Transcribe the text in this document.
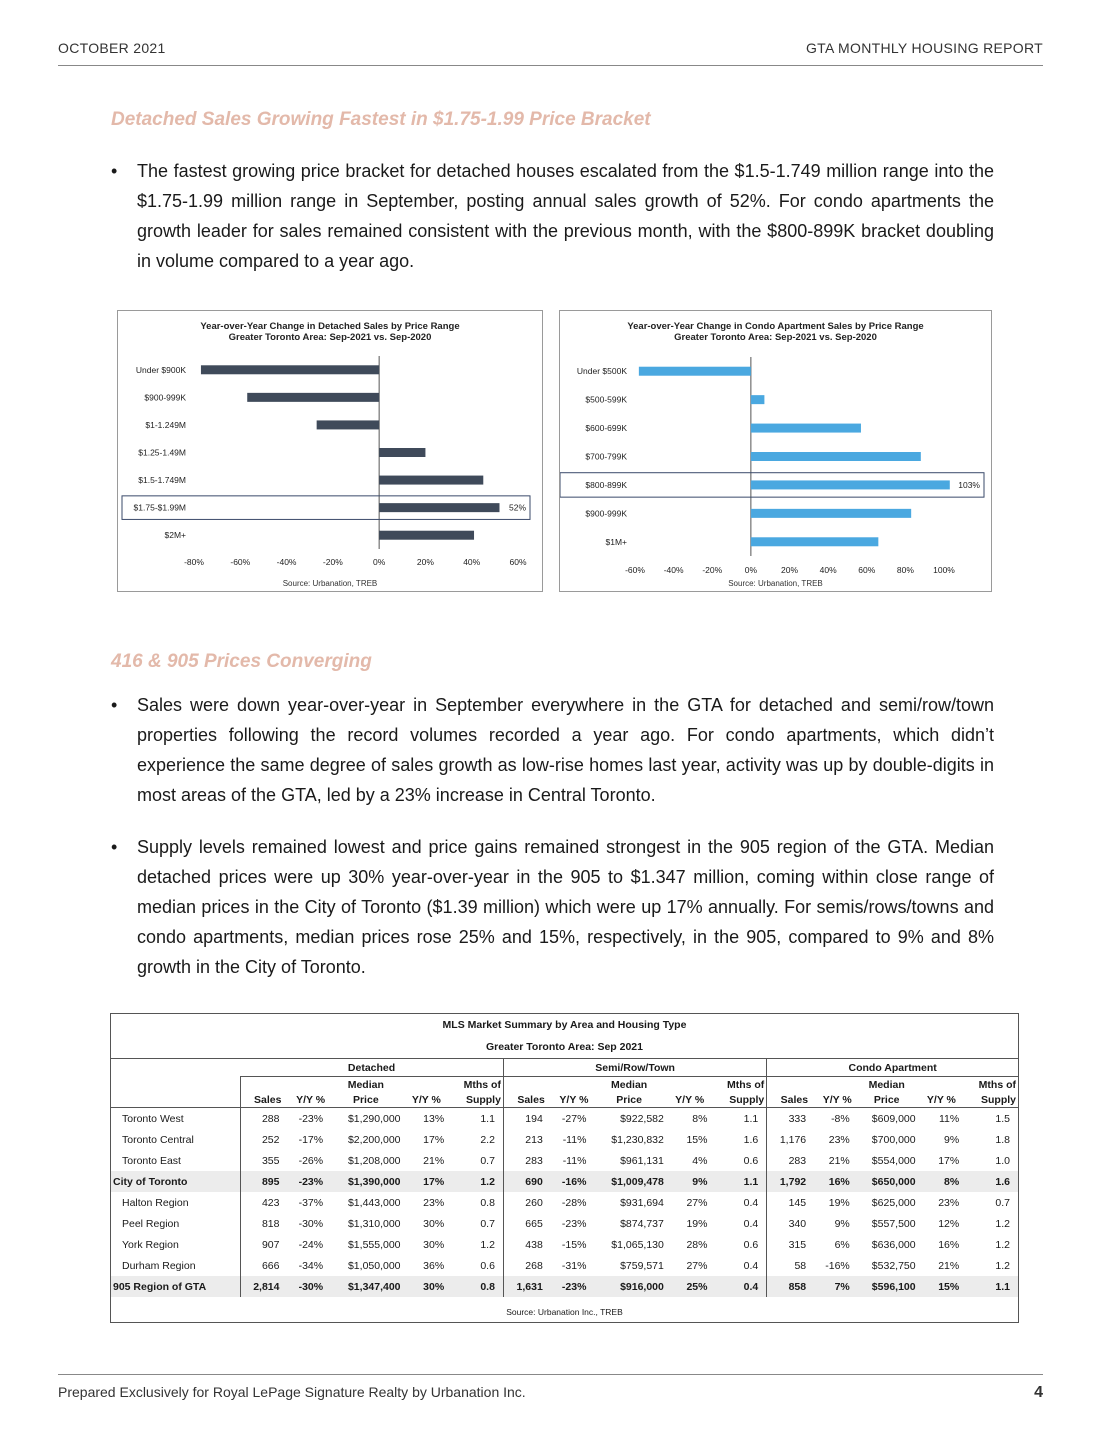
OCTOBER 2021	GTA MONTHLY HOUSING REPORT
Detached Sales Growing Fastest in $1.75-1.99 Price Bracket
•	The fastest growing price bracket for detached houses escalated from the $1.5-1.749 million range into the $1.75-1.99 million range in September, posting annual sales growth of 52%. For condo apartments the growth leader for sales remained consistent with the previous month, with the $800-899K bracket doubling in volume compared to a year ago.
Year-over-Year Change in Detached Sales by Price Range
Greater Toronto Area: Sep-2021 vs. Sep-2020
Under $900K
$900-999K
$1-1.249M
$1.25-1.49M
$1.5-1.749M
$1.75-$1.99M	52%
$2M+
-80%	-60%	-40%	-20%	0%	20%	40%	60%
Source: Urbanation, TREB
Year-over-Year Change in Condo Apartment Sales by Price Range
Greater Toronto Area: Sep-2021 vs. Sep-2020
Under $500K
$500-599K
$600-699K
$700-799K
$800-899K	103%
$900-999K
$1M+
-60% -40% -20%	0%	20%	40%	60%	80% 100%
Source: Urbanation, TREB
416 & 905 Prices Converging
•	Sales were down year-over-year in September everywhere in the GTA for detached and semi/row/town properties following the record volumes recorded a year ago. For condo apartments, which didn’t experience the same degree of sales growth as low-rise homes last year, activity was up by double-digits in most areas of the GTA, led by a 23% increase in Central Toronto.
•	Supply levels remained lowest and price gains remained strongest in the 905 region of the GTA. Median detached prices were up 30% year-over-year in the 905 to $1.347 million, coming within close range of median prices in the City of Toronto ($1.39 million) which were up 17% annually. For semis/rows/towns and condo apartments, median prices rose 25% and 15%, respectively, in the 905, compared to 9% and 8% growth in the City of Toronto.
MLS Market Summary by Area and Housing Type
Greater Toronto Area: Sep 2021
	Detached					Semi/Row/Town					Condo Apartment				
			Median		Mths of			Median		Mths of			Median		Mths of
	Sales	Y/Y %	Price	Y/Y %	Supply	Sales	Y/Y %	Price	Y/Y %	Supply	Sales	Y/Y %	Price	Y/Y %	Supply
Toronto West	288	-23%	$1,290,000	13%	1.1	194	-27%	$922,582	8%	1.1	333	-8%	$609,000	11%	1.5
Toronto Central	252	-17%	$2,200,000	17%	2.2	213	-11%	$1,230,832	15%	1.6	1,176	23%	$700,000	9%	1.8
Toronto East	355	-26%	$1,208,000	21%	0.7	283	-11%	$961,131	4%	0.6	283	21%	$554,000	17%	1.0
City of Toronto	895	-23%	$1,390,000	17%	1.2	690	-16%	$1,009,478	9%	1.1	1,792	16%	$650,000	8%	1.6
Halton Region	423	-37%	$1,443,000	23%	0.8	260	-28%	$931,694	27%	0.4	145	19%	$625,000	23%	0.7
Peel Region	818	-30%	$1,310,000	30%	0.7	665	-23%	$874,737	19%	0.4	340	9%	$557,500	12%	1.2
York Region	907	-24%	$1,555,000	30%	1.2	438	-15%	$1,065,130	28%	0.6	315	6%	$636,000	16%	1.2
Durham Region	666	-34%	$1,050,000	36%	0.6	268	-31%	$759,571	27%	0.4	58	-16%	$532,750	21%	1.2
905 Region of GTA	2,814	-30%	$1,347,400	30%	0.8	1,631	-23%	$916,000	25%	0.4	858	7%	$596,100	15%	1.1
Source: Urbanation Inc., TREB
Prepared Exclusively for Royal LePage Signature Realty by Urbanation Inc.	4
